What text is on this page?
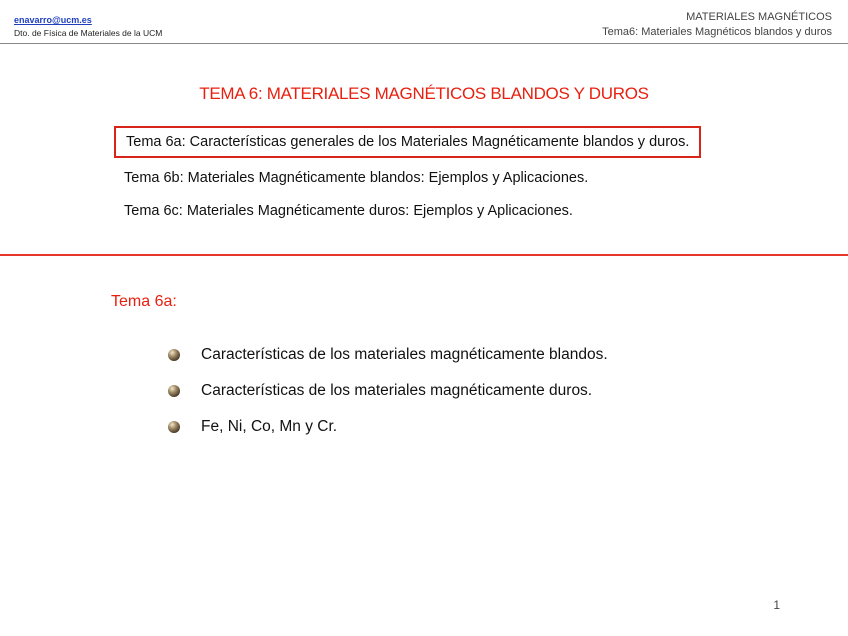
enavarro@ucm.es
Dto. de Física de Materiales de la UCM
MATERIALES MAGNÉTICOS
Tema6: Materiales Magnéticos blandos y duros
TEMA 6: MATERIALES MAGNÉTICOS BLANDOS Y DUROS
Tema 6a: Características generales de los Materiales Magnéticamente blandos y duros.
Tema 6b: Materiales Magnéticamente blandos: Ejemplos y Aplicaciones.
Tema 6c: Materiales Magnéticamente duros: Ejemplos y Aplicaciones.
Tema 6a:
Características de los materiales magnéticamente blandos.
Características de los materiales magnéticamente duros.
Fe, Ni, Co, Mn y Cr.
1
